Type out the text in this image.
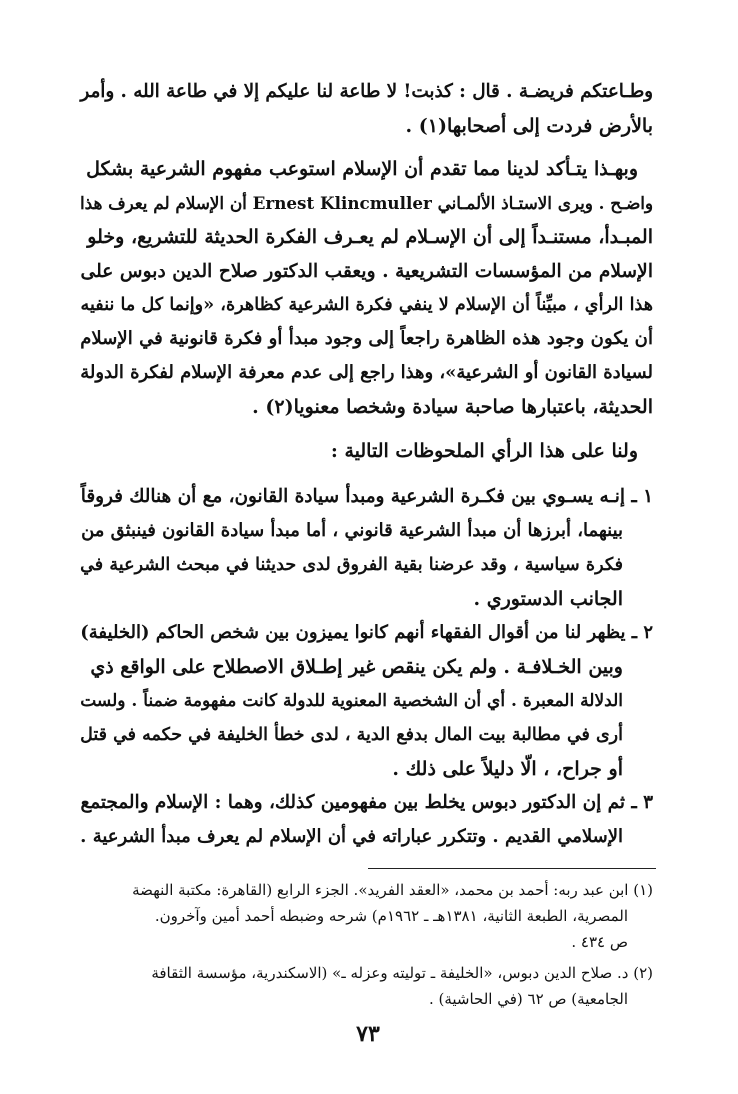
وطـاعتكم فريضـة . قال : كذبت! لا طاعة لنا عليكم إلا في طاعة الله . وأمر
بالأرض فردت إلى أصحابها(١) .
وبهـذا يتـأكد لدينا مما تقدم أن الإسلام استوعب مفهوم الشرعية بشكل
واضـح . ويرى الاستـاذ الألمـاني Ernest Klincmuller أن الإسلام لم يعرف هذا
المبـدأ، مستنـداً إلى أن الإسـلام لم يعـرف الفكرة الحديثة للتشريع، وخلو
الإسلام من المؤسسات التشريعية . ويعقب الدكتور صلاح الدين دبوس على
هذا الرأي ، مبيِّناً أن الإسلام لا ينفي فكرة الشرعية كظاهرة، «وإنما كل ما ننفيه
أن يكون وجود هذه الظاهرة راجعاً إلى وجود مبدأ أو فكرة قانونية في الإسلام
لسيادة القانون أو الشرعية»، وهذا راجع إلى عدم معرفة الإسلام لفكرة الدولة
الحديثة، باعتبارها صاحبة سيادة وشخصا معنويا(٢) .
ولنا على هذا الرأي الملحوظات التالية :
١ ـ إنـه يسـوي بين فكـرة الشرعية ومبدأ سيادة القانون، مع أن هنالك فروقاً
بينهما، أبرزها أن مبدأ الشرعية قانوني ، أما مبدأ سيادة القانون فينبثق من
فكرة سياسية ، وقد عرضنا بقية الفروق لدى حديثنا في مبحث الشرعية في
الجانب الدستوري .
٢ ـ يظهر لنا من أقوال الفقهاء أنهم كانوا يميزون بين شخص الحاكم (الخليفة)
وبين الخـلافـة . ولم يكن ينقص غير إطـلاق الاصطلاح على الواقع ذي
الدلالة المعبرة . أي أن الشخصية المعنوية للدولة كانت مفهومة ضمناً . ولست
أرى في مطالبة بيت المال بدفع الدية ، لدى خطأ الخليفة في حكمه في قتل
أو جراح، ، الّا دليلاً على ذلك .
٣ ـ ثم إن الدكتور دبوس يخلط بين مفهومين كذلك، وهما : الإسلام والمجتمع
الإسلامي القديم . وتتكرر عباراته في أن الإسلام لم يعرف مبدأ الشرعية .
(١) ابن عبد ربه: أحمد بن محمد، «العقد الفريد». الجزء الرابع (القاهرة: مكتبة النهضة
المصرية، الطبعة الثانية، ١٣٨١هـ ـ ١٩٦٢م) شرحه وضبطه أحمد أمين وآخرون.
ص ٤٣٤ .
(٢) د. صلاح الدين دبوس، «الخليفة ـ توليته وعزله ـ» (الاسكندرية، مؤسسة الثقافة
الجامعية) ص ٦٢ (في الحاشية) .
٧٣
